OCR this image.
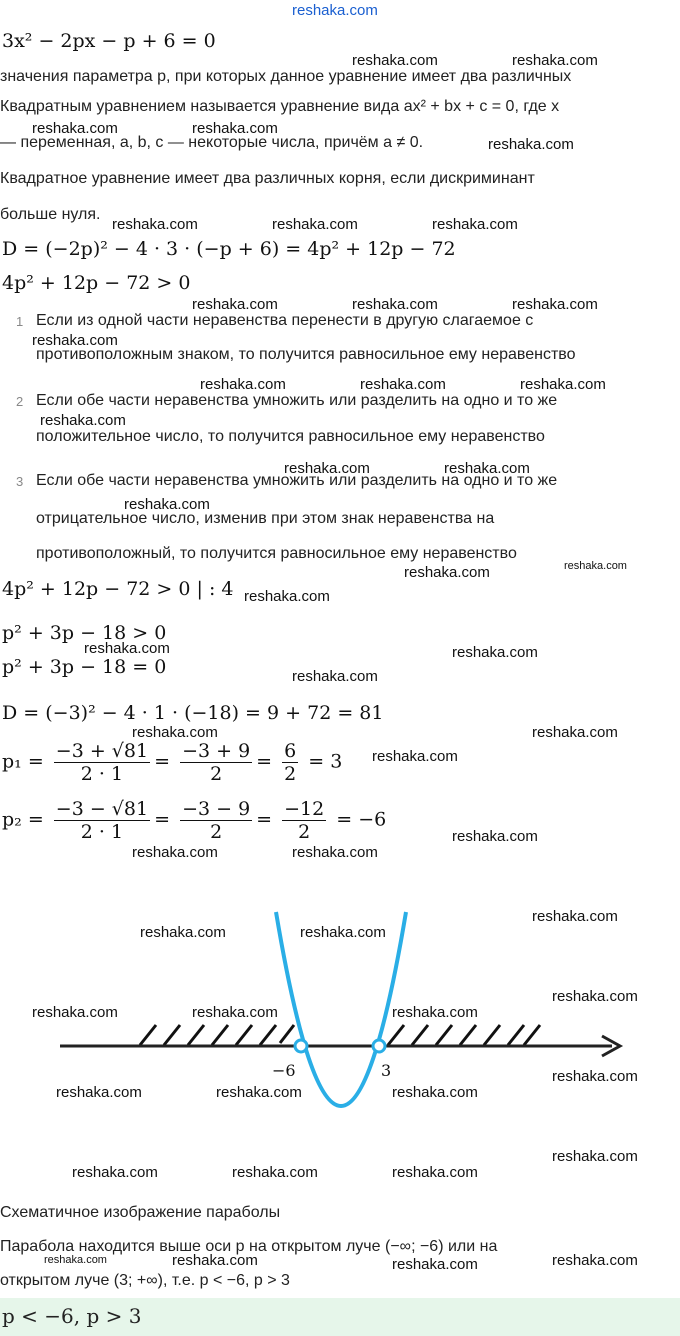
reshaka.com
3x² − 2px − p + 6 = 0
значения параметра p, при которых данное уравнение имеет два различных
Квадратным уравнением называется уравнение вида ax² + bx + c = 0, где x
— переменная, a, b, c — некоторые числа, причём a ≠ 0.
Квадратное уравнение имеет два различных корня, если дискриминант
больше нуля.
D = (−2p)² − 4 · 3 · (−p + 6) = 4p² + 12p − 72
4p² + 12p − 72 > 0
1 Если из одной части неравенства перенести в другую слагаемое с
противоположным знаком, то получится равносильное ему неравенство
2 Если обе части неравенства умножить или разделить на одно и то же
положительное число, то получится равносильное ему неравенство
3 Если обе части неравенства умножить или разделить на одно и то же
отрицательное число, изменив при этом знак неравенства на
противоположный, то получится равносильное ему неравенство
4p² + 12p − 72 > 0 | : 4
p² + 3p − 18 > 0
p² + 3p − 18 = 0
D = (−3)² − 4 · 1 · (−18) = 9 + 72 = 81
$p_1 = \frac{-3 + √81}{2 \cdot 1} = \frac{-3 + 9}{2} = \frac{6}{2} = 3$
$p_2 = \frac{-3 - √81}{2 \cdot 1} = \frac{-3 - 9}{2} = \frac{-12}{2} = -6$
−6	3
Схематичное изображение параболы
Парабола находится выше оси p на открытом луче (−∞; −6) или на
открытом луче (3; +∞), т.е. p < −6, p > 3
p < −6, p > 3
reshaka.com	reshaka.com
reshaka.com	reshaka.com
reshaka.com
reshaka.com	reshaka.com	reshaka.com
reshaka.com	reshaka.com	reshaka.com
reshaka.com
reshaka.com	reshaka.com	reshaka.com
reshaka.com
reshaka.com	reshaka.com
reshaka.com
reshaka.com	reshaka.com
reshaka.com
reshaka.com	reshaka.com
reshaka.com
reshaka.com
reshaka.com
reshaka.com
reshaka.com
reshaka.com	reshaka.com
reshaka.com
reshaka.com	reshaka.com
reshaka.com
reshaka.com	reshaka.com	reshaka.com
reshaka.com
reshaka.com	reshaka.com	reshaka.com
reshaka.com
reshaka.com	reshaka.com	reshaka.com
reshaka.com	reshaka.com	reshaka.com	reshaka.com
